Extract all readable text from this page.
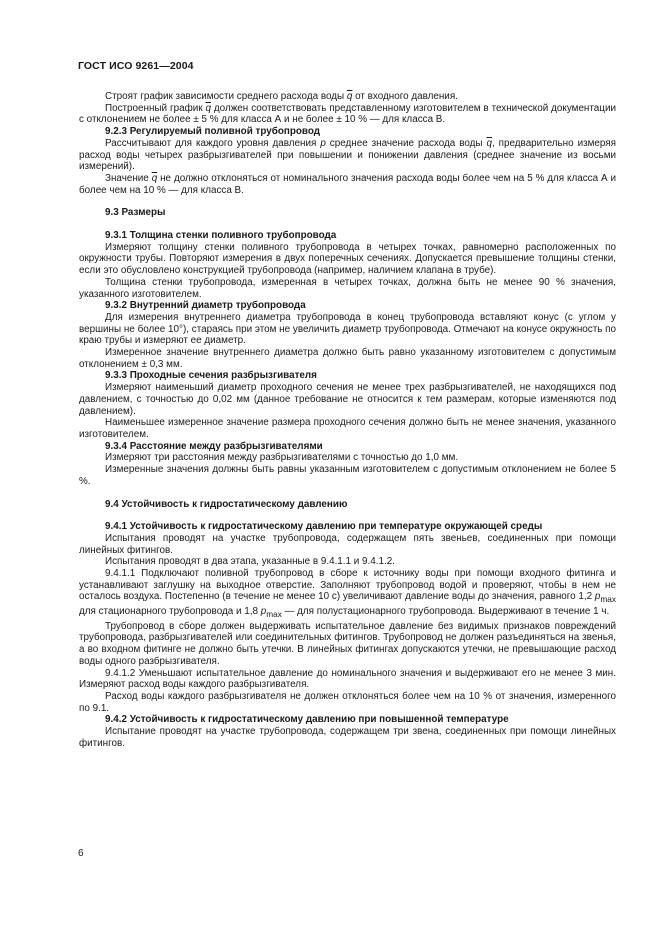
ГОСТ ИСО 9261—2004

Строят график зависимости среднего расхода воды $\overline{q}$ от входного давления.

Построенный график $\overline{q}$ должен соответствовать представленному изготовителем в технической документации с отклонением не более ± 5 % для класса А и не более ± 10 % — для класса В.

9.2.3 Регулируемый поливной трубопровод

Рассчитывают для каждого уровня давления p среднее значение расхода воды $\overline{q}$, предварительно измеряя расход воды четырех разбрызгивателей при повышении и понижении давления (среднее значение из восьми измерений).

Значение $\overline{q}$ не должно отклоняться от номинального значения расхода воды более чем на 5 % для класса А и более чем на 10 % — для класса В.

9.3 Размеры

9.3.1 Толщина стенки поливного трубопровода

Измеряют толщину стенки поливного трубопровода в четырех точках, равномерно расположенных по окружности трубы. Повторяют измерения в двух поперечных сечениях. Допускается превышение толщины стенки, если это обусловлено конструкцией трубопровода (например, наличием клапана в трубе).

Толщина стенки трубопровода, измеренная в четырех точках, должна быть не менее 90 % значения, указанного изготовителем.

9.3.2 Внутренний диаметр трубопровода

Для измерения внутреннего диаметра трубопровода в конец трубопровода вставляют конус (с углом у вершины не более 10°), стараясь при этом не увеличить диаметр трубопровода. Отмечают на конусе окружность по краю трубы и измеряют ее диаметр.

Измеренное значение внутреннего диаметра должно быть равно указанному изготовителем с допустимым отклонением ± 0,3 мм.

9.3.3 Проходные сечения разбрызгивателя

Измеряют наименьший диаметр проходного сечения не менее трех разбрызгивателей, не находящихся под давлением, с точностью до 0,02 мм (данное требование не относится к тем размерам, которые изменяются под давлением).

Наименьшее измеренное значение размера проходного сечения должно быть не менее значения, указанного изготовителем.

9.3.4 Расстояние между разбрызгивателями

Измеряют три расстояния между разбрызгивателями с точностью до 1,0 мм.

Измеренные значения должны быть равны указанным изготовителем с допустимым отклонением не более 5 %.

9.4 Устойчивость к гидростатическому давлению

9.4.1 Устойчивость к гидростатическому давлению при температуре окружающей среды

Испытания проводят на участке трубопровода, содержащем пять звеньев, соединенных при помощи линейных фитингов.

Испытания проводят в два этапа, указанные в 9.4.1.1 и 9.4.1.2.

9.4.1.1 Подключают поливной трубопровод в сборе к источнику воды при помощи входного фитинга и устанавливают заглушку на выходное отверстие. Заполняют трубопровод водой и проверяют, чтобы в нем не осталось воздуха. Постепенно (в течение не менее 10 с) увеличивают давление воды до значения, равного 1,2 $p_{max}$ для стационарного трубопровода и 1,8 $p_{max}$ — для полустационарного трубопровода. Выдерживают в течение 1 ч.

Трубопровод в сборе должен выдерживать испытательное давление без видимых признаков повреждений трубопровода, разбрызгивателей или соединительных фитингов. Трубопровод не должен разъединяться на звенья, а во входном фитинге не должно быть утечки. В линейных фитингах допускаются утечки, не превышающие расход воды одного разбрызгивателя.

9.4.1.2 Уменьшают испытательное давление до номинального значения и выдерживают его не менее 3 мин. Измеряют расход воды каждого разбрызгивателя.

Расход воды каждого разбрызгивателя не должен отклоняться более чем на 10 % от значения, измеренного по 9.1.

9.4.2 Устойчивость к гидростатическому давлению при повышенной температуре

Испытание проводят на участке трубопровода, содержащем три звена, соединенных при помощи линейных фитингов.

6
